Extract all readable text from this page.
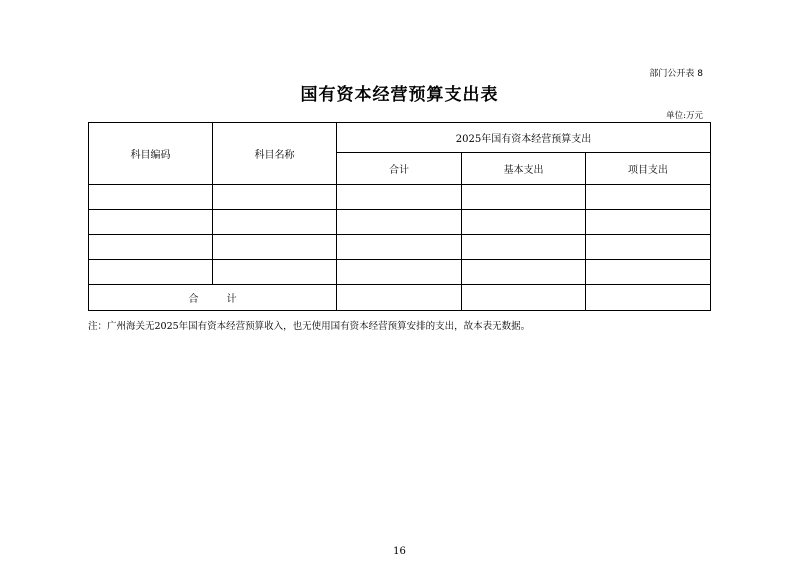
部门公开表 8
国有资本经营预算支出表
单位:万元
科目编码	科目名称	2025年国有资本经营预算支出		
		合计	基本支出	项目支出

合计				
注：广州海关无2025年国有资本经营预算收入，也无使用国有资本经营预算安排的支出，故本表无数据。
16
